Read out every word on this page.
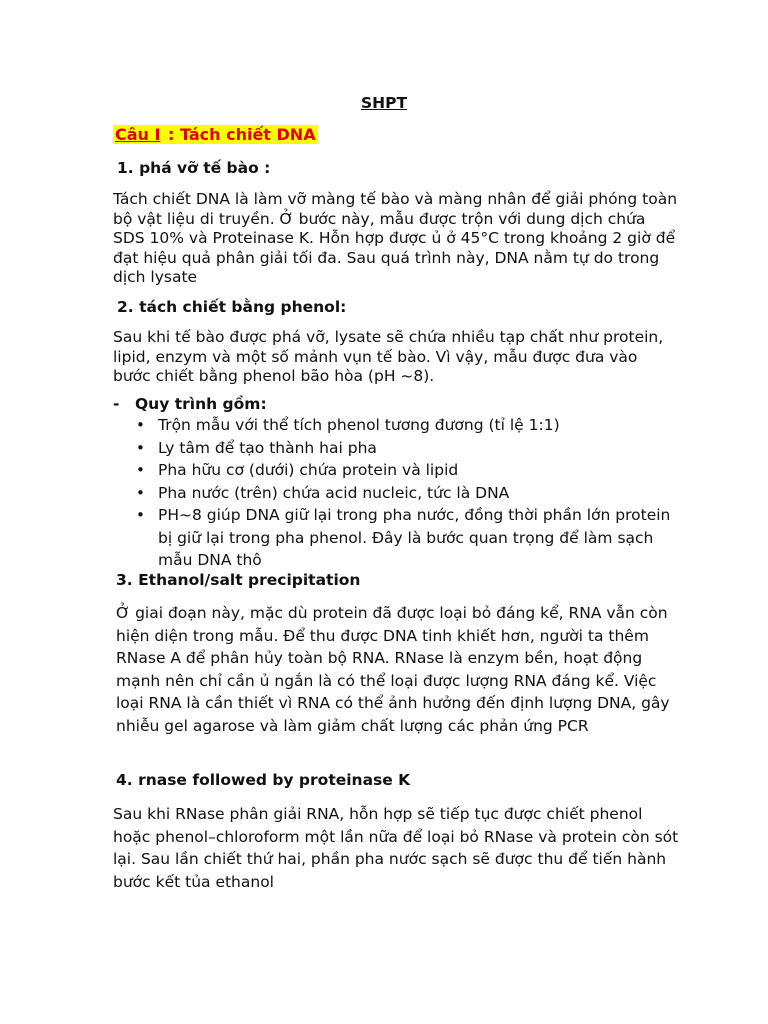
SHPT

Câu I : Tách chiết DNA

1. phá vỡ tế bào :

Tách chiết DNA là làm vỡ màng tế bào và màng nhân để giải phóng toàn bộ vật liệu di truyền. Ở bước này, mẫu được trộn với dung dịch chứa SDS 10% và Proteinase K. Hỗn hợp được ủ ở 45°C trong khoảng 2 giờ để đạt hiệu quả phân giải tối đa. Sau quá trình này, DNA nằm tự do trong dịch lysate

2. tách chiết bằng phenol:

Sau khi tế bào được phá vỡ, lysate sẽ chứa nhiều tạp chất như protein, lipid, enzym và một số mảnh vụn tế bào. Vì vậy, mẫu được đưa vào bước chiết bằng phenol bão hòa (pH ~8).

-	Quy trình gồm:

• Trộn mẫu với thể tích phenol tương đương (tỉ lệ 1:1)
• Ly tâm để tạo thành hai pha
• Pha hữu cơ (dưới) chứa protein và lipid
• Pha nước (trên) chứa acid nucleic, tức là DNA
• PH~8 giúp DNA giữ lại trong pha nước, đồng thời phần lớn protein bị giữ lại trong pha phenol. Đây là bước quan trọng để làm sạch mẫu DNA thô

3. Ethanol/salt precipitation

Ở giai đoạn này, mặc dù protein đã được loại bỏ đáng kể, RNA vẫn còn hiện diện trong mẫu. Để thu được DNA tinh khiết hơn, người ta thêm RNase A để phân hủy toàn bộ RNA. RNase là enzym bền, hoạt động mạnh nên chỉ cần ủ ngắn là có thể loại được lượng RNA đáng kể. Việc loại RNA là cần thiết vì RNA có thể ảnh hưởng đến định lượng DNA, gây nhiễu gel agarose và làm giảm chất lượng các phản ứng PCR

4. rnase followed by proteinase K

Sau khi RNase phân giải RNA, hỗn hợp sẽ tiếp tục được chiết phenol hoặc phenol–chloroform một lần nữa để loại bỏ RNase và protein còn sót lại. Sau lần chiết thứ hai, phần pha nước sạch sẽ được thu để tiến hành bước kết tủa ethanol
